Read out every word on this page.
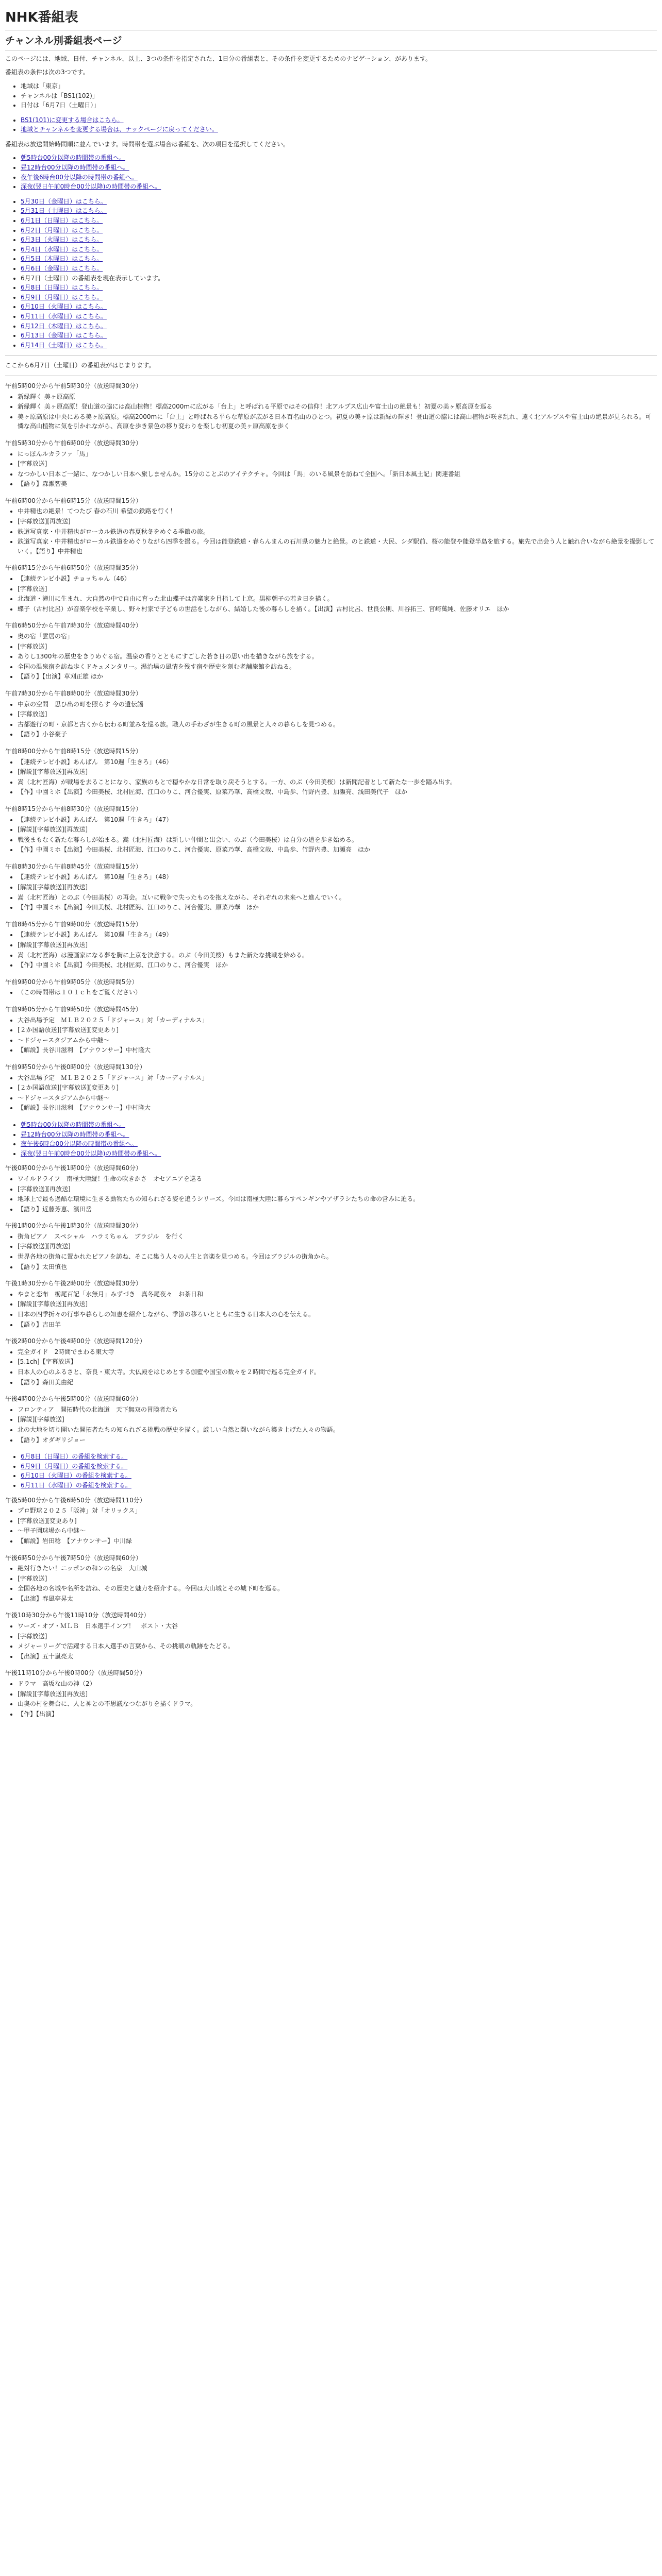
NHK番組表
チャンネル別番組表ページ

このページには、地域、日付、チャンネル、以上、3つの条件を指定された、1日分の番組表と、その条件を変更するためのナビゲーション、があります。

番組表の条件は次の3つです。

• 地域は「東京」
• チャンネルは「BS1(102)」
• 日付は「6月7日（土曜日）」
• BS1(101)に変更する場合はこちら。
• 地域とチャンネルを変更する場合は、ナックページに戻ってください。

番組表は放送開始時間順に並んでいます。時間帯を選ぶ場合は番組を、次の項目を選択してください。

• 朝5時台00分以降の時間帯の番組へ。
• 昼12時台00分以降の時間帯の番組へ。
• 夜午後6時台00分以降の時間帯の番組へ。
• 深夜(翌日午前0時台00分以降)の時間帯の番組へ。
• 5月30日（金曜日）はこちら。
• 5月31日（土曜日）はこちら。
• 6月1日（日曜日）はこちら。
• 6月2日（月曜日）はこちら。
• 6月3日（火曜日）はこちら。
• 6月4日（水曜日）はこちら。
• 6月5日（木曜日）はこちら。
• 6月6日（金曜日）はこちら。
• 6月7日（土曜日）の番組表を現在表示しています。
• 6月8日（日曜日）はこちら。
• 6月9日（月曜日）はこちら。
• 6月10日（火曜日）はこちら。
• 6月11日（水曜日）はこちら。
• 6月12日（木曜日）はこちら。
• 6月13日（金曜日）はこちら。
• 6月14日（土曜日）はこちら。

ここから6月7日（土曜日）の番組表がはじまります。

午前5時00分から午前5時30分（放送時間30分）

• 新緑輝く 美ヶ原高原
• 新緑輝く 美ヶ原高原！登山道の脇には高山植物！標高2000mに広がる「台上」と呼ばれる平原ではその信仰！北アルプス広山や富士山の絶景も！初夏の美ヶ原高原を巡る
• 美ヶ原高原は中央にある美ヶ原高原。標高2000mに「台上」と呼ばれる平らな草原が広がる日本百名山のひとつ。初夏の美ヶ原は新緑の輝き！登山道の脇には高山植物が咲き乱れ、遠く北アルプスや富士山の絶景が見られる。可憐な高山植物に気を引かれながら、高原を歩き景色の移り変わりを楽しむ初夏の美ヶ原高原を歩く

午前5時30分から午前6時00分（放送時間30分）

• にっぽんルカラファ「馬」
• [字幕放送]
• なつかしい日本ご一緒に、なつかしい日本へ旅しませんか。15分のことぶのアイテクチャ。今回は「馬」のいる風景を訪ねて全国へ。「新日本風土記」関連番組
• 【語り】森瀬智美

午前6時00分から午前6時15分（放送時間15分）

• 中井精也の絶景！てつたび 春の石川 希望の鉄路を行く！
• [字幕放送][再放送]
• 鉄道写真家・中井精也がローカル鉄道の春夏秋冬をめぐる季節の旅。
• 鉄道写真家・中井精也がローカル鉄道をめぐりながら四季を撮る。今回は能登鉄道・春らんまんの石川県の魅力と絶景。のと鉄道・大民、シダ駅前、桜の能登や能登半島を旅する。旅先で出会う人と触れ合いながら絶景を撮影していく。【語り】中井精也

午前6時15分から午前6時50分（放送時間35分）

• 【連続テレビ小説】チョッちゃん（46）
• [字幕放送]
• 北海道・滝川に生まれ、大自然の中で自由に育った北山蝶子は音楽家を目指して上京。黒柳朝子の若き日を描く。
• 蝶子（古村比呂）が音楽学校を卒業し、野々村家で子どもの世話をしながら、結婚した後の暮らしを描く。【出演】古村比呂、世良公則、川谷拓三、宮崎萬純、佐藤オリエ　ほか

午前6時50分から午前7時30分（放送時間40分）

• 奥の宿「雲居の宿」
• [字幕放送]
• ありし1300年の歴史をきりめぐる宿。温泉の香りとともにすごした若き日の思い出を描きながら旅をする。
• 全国の温泉宿を訪ね歩くドキュメンタリー。湯治場の風情を残す宿や歴史を刻む老舗旅館を訪ねる。
• 【語り】【出演】草刈正雄 ほか

午前7時30分から午前8時00分（放送時間30分）

• 中京の空間　思ひ出の町を照らす 今の遺伝謡
• [字幕放送]
• 古都遊行の町・京都と古くから伝わる町並みを巡る旅。職人の手わざが生きる町の風景と人々の暮らしを見つめる。
• 【語り】小谷豪子

午前8時00分から午前8時15分（放送時間15分）

• 【連続テレビ小説】あんぱん　第10週「生きろ」（46）
• [解説][字幕放送][再放送]
• 嵩（北村匠海）が戦場を去ることになり、家族のもとで穏やかな日常を取り戻そうとする。一方、のぶ（今田美桜）は新聞記者として新たな一歩を踏み出す。
• 【作】中園ミホ【出演】今田美桜、北村匠海、江口のりこ、河合優実、原菜乃華、高橋文哉、中島歩、竹野内豊、加瀬亮、浅田美代子　ほか

午前8時15分から午前8時30分（放送時間15分）

• 【連続テレビ小説】あんぱん　第10週「生きろ」（47）
• [解説][字幕放送][再放送]
• 戦後まもなく新たな暮らしが始まる。嵩（北村匠海）は新しい仲間と出会い、のぶ（今田美桜）は自分の道を歩き始める。
• 【作】中園ミホ【出演】今田美桜、北村匠海、江口のりこ、河合優実、原菜乃華、高橋文哉、中島歩、竹野内豊、加瀬亮　ほか

午前8時30分から午前8時45分（放送時間15分）

• 【連続テレビ小説】あんぱん　第10週「生きろ」（48）
• [解説][字幕放送][再放送]
• 嵩（北村匠海）とのぶ（今田美桜）の再会。互いに戦争で失ったものを抱えながら、それぞれの未来へと進んでいく。
• 【作】中園ミホ【出演】今田美桜、北村匠海、江口のりこ、河合優実、原菜乃華　ほか

午前8時45分から午前9時00分（放送時間15分）

• 【連続テレビ小説】あんぱん　第10週「生きろ」（49）
• [解説][字幕放送][再放送]
• 嵩（北村匠海）は漫画家になる夢を胸に上京を決意する。のぶ（今田美桜）もまた新たな挑戦を始める。
• 【作】中園ミホ【出演】今田美桜、北村匠海、江口のりこ、河合優実　ほか

午前9時00分から午前9時05分（放送時間5分）

• （この時間帯は１０１ｃｈをご覧ください）

午前9時05分から午前9時50分（放送時間45分）

• 大谷出場予定　ＭＬＢ２０２５「ドジャース」対「カーディナルス」
• [２か国語放送][字幕放送][変更あり]
• 〜ドジャースタジアムから中継〜
• 【解説】長谷川滋利　【アナウンサー】中村隆大

午前9時50分から午後0時00分（放送時間130分）

• 大谷出場予定　ＭＬＢ２０２５「ドジャース」対「カーディナルス」
• [２か国語放送][字幕放送][変更あり]
• 〜ドジャースタジアムから中継〜
• 【解説】長谷川滋利　【アナウンサー】中村隆大
• 朝5時台00分以降の時間帯の番組へ。
• 昼12時台00分以降の時間帯の番組へ。
• 夜午後6時台00分以降の時間帯の番組へ。
• 深夜(翌日午前0時台00分以降)の時間帯の番組へ。

午後0時00分から午後1時00分（放送時間60分）

• ワイルドライフ　南極大陸縦！生命の吹きかさ　オセアニアを巡る
• [字幕放送][再放送]
• 地球上で最も過酷な環境に生きる動物たちの知られざる姿を追うシリーズ。今回は南極大陸に暮らすペンギンやアザラシたちの命の営みに迫る。
• 【語り】近藤芳恵、濱田岳

午後1時00分から午後1時30分（放送時間30分）

• 街角ピアノ　スペシャル　ハラミちゃん　ブラジル　を行く
• [字幕放送][再放送]
• 世界各地の街角に置かれたピアノを訪ね、そこに集う人々の人生と音楽を見つめる。今回はブラジルの街角から。
• 【語り】太田慎也

午後1時30分から午後2時00分（放送時間30分）

• やまと恋布　栃尾百記「水無月」みずづき　真冬尾夜々　お茶日和
• [解説][字幕放送][再放送]
• 日本の四季折々の行事や暮らしの知恵を紹介しながら、季節の移ろいとともに生きる日本人の心を伝える。
• 【語り】吉田羊

午後2時00分から午後4時00分（放送時間120分）

• 完全ガイド　2時間でまわる東大寺
• [5.1ch]【字幕放送】
• 日本人の心のふるさと、奈良・東大寺。大仏殿をはじめとする伽藍や国宝の数々を２時間で巡る完全ガイド。
• 【語り】森田美由紀

午後4時00分から午後5時00分（放送時間60分）

• フロンティア　開拓時代の北海道　天下無双の冒険者たち
• [解説][字幕放送]
• 北の大地を切り開いた開拓者たちの知られざる挑戦の歴史を描く。厳しい自然と闘いながら築き上げた人々の物語。
• 【語り】オダギリジョー
• 6月8日（日曜日）の番組を検索する。
• 6月9日（月曜日）の番組を検索する。
• 6月10日（火曜日）の番組を検索する。
• 6月11日（水曜日）の番組を検索する。

午後5時00分から午後6時50分（放送時間110分）

• プロ野球２０２５「阪神」対「オリックス」
• [字幕放送][変更あり]
• 〜甲子園球場から中継〜
• 【解説】岩田稔　【アナウンサー】中川緑

午後6時50分から午後7時50分（放送時間60分）

• 絶対行きたい！ニッポンの和ンの名泉　大山城
• [字幕放送]
• 全国各地の名城や名所を訪ね、その歴史と魅力を紹介する。今回は大山城とその城下町を巡る。
• 【出演】春風亭昇太

午後10時30分から午後11時10分（放送時間40分）

• ワーズ・オブ・ＭＬＢ　日本選手インプ！　ポスト・大谷
• [字幕放送]
• メジャーリーグで活躍する日本人選手の言葉から、その挑戦の軌跡をたどる。
• 【出演】五十嵐亮太

午後11時10分から午後0時00分（放送時間50分）

• ドラマ　高坂な山の神（2）
• [解説][字幕放送][再放送]
• 山奥の村を舞台に、人と神との不思議なつながりを描くドラマ。
• 【作】【出演】
